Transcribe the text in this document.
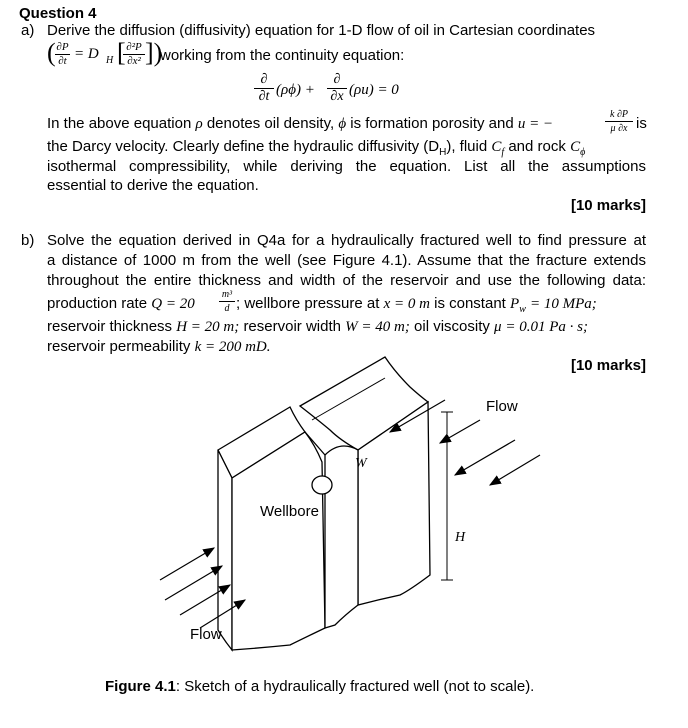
Question 4
a) Derive the diffusion (diffusivity) equation for 1-D flow of oil in Cartesian coordinates
( ∂P
∂t = D H [ ∂²P
∂x² ])
working from the continuity equation:
∂
∂t (ρϕ) +
∂
∂x (ρu) = 0
In the above equation ρ denotes oil density, ϕ is formation porosity and u = −
k ∂P
μ ∂x is
the Darcy velocity. Clearly define the hydraulic diffusivity $(D_H)$, fluid $C_f$ and rock $C_\phi$
isothermal compressibility, while deriving the equation. List all the assumptions
essential to derive the equation.
[10 marks]
b) Solve the equation derived in Q4a for a hydraulically fractured well to find pressure at
a distance of 1000 m from the well (see Figure 4.1). Assume that the fracture extends
throughout the entire thickness and width of the reservoir and use the following data:
production rate Q = 20
m³
d ; wellbore pressure at x = 0 m is constant $P_w = 10$ MPa;
reservoir thickness H = 20 m; reservoir width W = 40 m; oil viscosity μ = 0.01 Pa · s;
reservoir permeability k = 200 mD.
[10 marks]
Flow
W
H
Wellbore
Flow
Figure 4.1: Sketch of a hydraulically fractured well (not to scale).
